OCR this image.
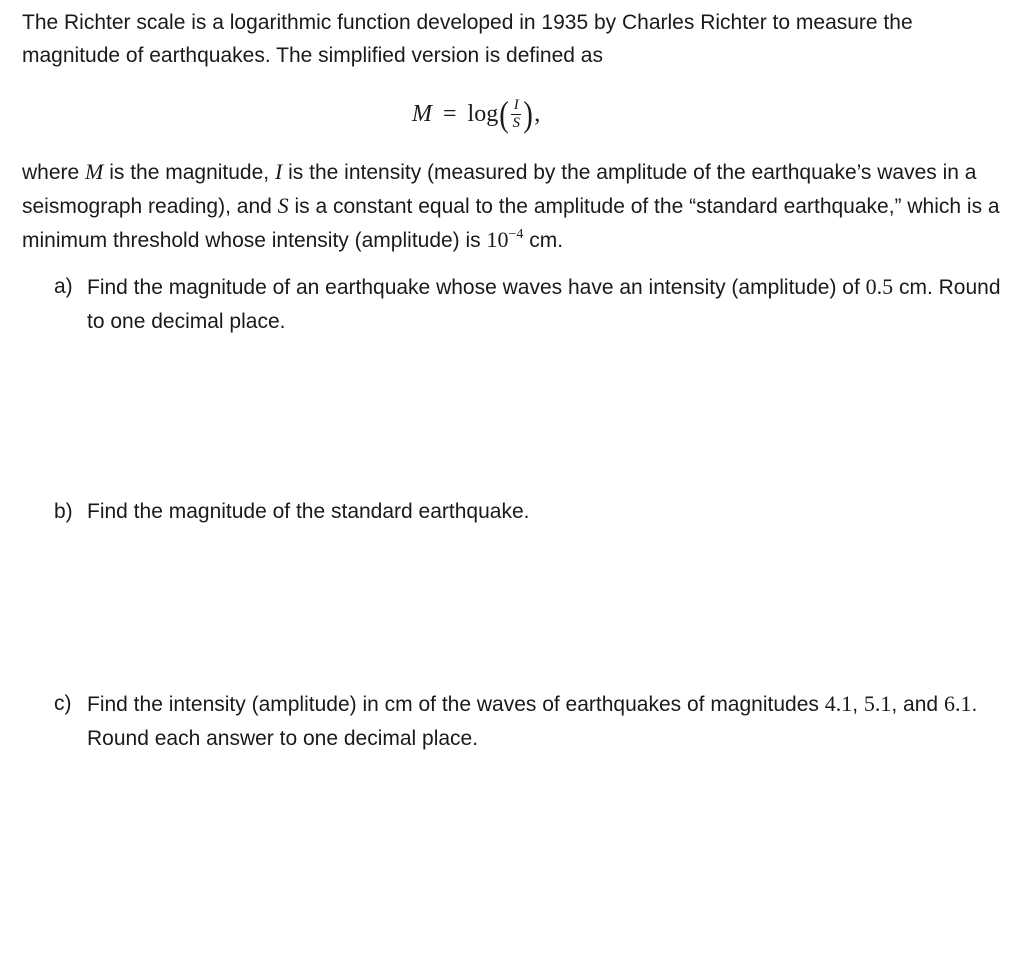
The Richter scale is a logarithmic function developed in 1935 by Charles Richter to measure the magnitude of earthquakes. The simplified version is defined as

M = log ( $\frac{I}{S}$ ) ,

where M is the magnitude, I is the intensity (measured by the amplitude of the earthquake’s waves in a seismograph reading), and S is a constant equal to the amplitude of the “standard earthquake,” which is a minimum threshold whose intensity (amplitude) is $10^{-4}$ cm.

a) Find the magnitude of an earthquake whose waves have an intensity (amplitude) of 0.5 cm. Round to one decimal place.
b) Find the magnitude of the standard earthquake.
c) Find the intensity (amplitude) in cm of the waves of earthquakes of magnitudes 4.1, 5.1, and 6.1. Round each answer to one decimal place.
